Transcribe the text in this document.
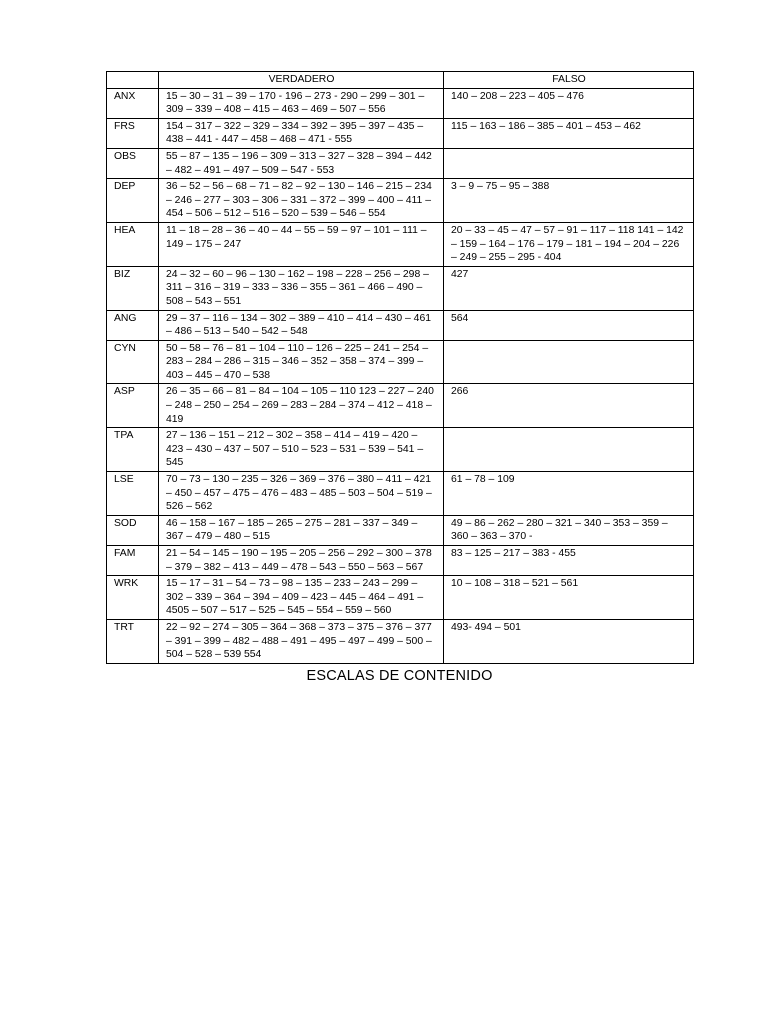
	VERDADERO	FALSO
ANX	15 – 30 – 31 – 39 – 170 - 196 – 273 - 290 – 299 – 301 – 309 – 339 – 408 – 415 – 463 – 469 – 507 – 556	140 – 208 – 223 – 405 – 476
FRS	154 – 317 – 322 – 329 – 334 – 392 – 395 – 397 – 435 – 438 – 441 - 447 – 458 – 468 – 471 - 555	115 – 163 – 186 – 385 – 401 – 453 – 462
OBS	55 – 87 – 135 – 196 – 309 – 313 – 327 – 328 – 394 – 442 – 482 – 491 – 497 – 509 – 547 - 553	
DEP	36 – 52 – 56 – 68 – 71 – 82 – 92 – 130 – 146 – 215 – 234 – 246 – 277 – 303 – 306 – 331 – 372 – 399 – 400 – 411 – 454 – 506 – 512 – 516 – 520 – 539 – 546 – 554	3 – 9 – 75 – 95 – 388
HEA	11 – 18 – 28 – 36 – 40 – 44 – 55 – 59 – 97 – 101 – 111 – 149 – 175 – 247	20 – 33 – 45 – 47 – 57 – 91 – 117 – 118 141 – 142 – 159 – 164 – 176 – 179 – 181 – 194 – 204 – 226 – 249 – 255 – 295 - 404
BIZ	24 – 32 – 60 – 96 – 130 – 162 – 198 – 228 – 256 – 298 – 311 – 316 – 319 – 333 – 336 – 355 – 361 – 466 – 490 – 508 – 543 – 551	427
ANG	29 – 37 – 116 – 134 – 302 – 389 – 410 – 414 – 430 – 461 – 486 – 513 – 540 – 542 – 548	564
CYN	50 – 58 – 76 – 81 – 104 – 110 – 126 – 225 – 241 – 254 – 283 – 284 – 286 – 315 – 346 – 352 – 358 – 374 – 399 – 403 – 445 – 470 – 538	
ASP	26 – 35 – 66 – 81 – 84 – 104 – 105 – 110 123 – 227 – 240 – 248 – 250 – 254 – 269 – 283 – 284 – 374 – 412 – 418 – 419	266
TPA	27 – 136 – 151 – 212 – 302 – 358 – 414 – 419 – 420 – 423 – 430 – 437 – 507 – 510 – 523 – 531 – 539 – 541 – 545	
LSE	70 – 73 – 130 – 235 – 326 – 369 – 376 – 380 – 411 – 421 – 450 – 457 – 475 – 476 – 483 – 485 – 503 – 504 – 519 – 526 – 562	61 – 78 – 109
SOD	46 – 158 – 167 – 185 – 265 – 275 – 281 – 337 – 349 – 367 – 479 – 480 – 515	49 – 86 – 262 – 280 – 321 – 340 – 353 – 359 – 360 – 363 – 370 -
FAM	21 – 54 – 145 – 190 – 195 – 205 – 256 – 292 – 300 – 378 – 379 – 382 – 413 – 449 – 478 – 543 – 550 – 563 – 567	83 – 125 – 217 – 383 - 455
WRK	15 – 17 – 31 – 54 – 73 – 98 – 135 – 233 – 243 – 299 – 302 – 339 – 364 – 394 – 409 – 423 – 445 – 464 – 491 – 4505 – 507 – 517 – 525 – 545 – 554 – 559 – 560	10 – 108 – 318 – 521 – 561
TRT	22 – 92 – 274 – 305 – 364 – 368 – 373 – 375 – 376 – 377 – 391 – 399 – 482 – 488 – 491 – 495 – 497 – 499 – 500 – 504 – 528 – 539 554	493- 494 – 501
ESCALAS DE CONTENIDO
